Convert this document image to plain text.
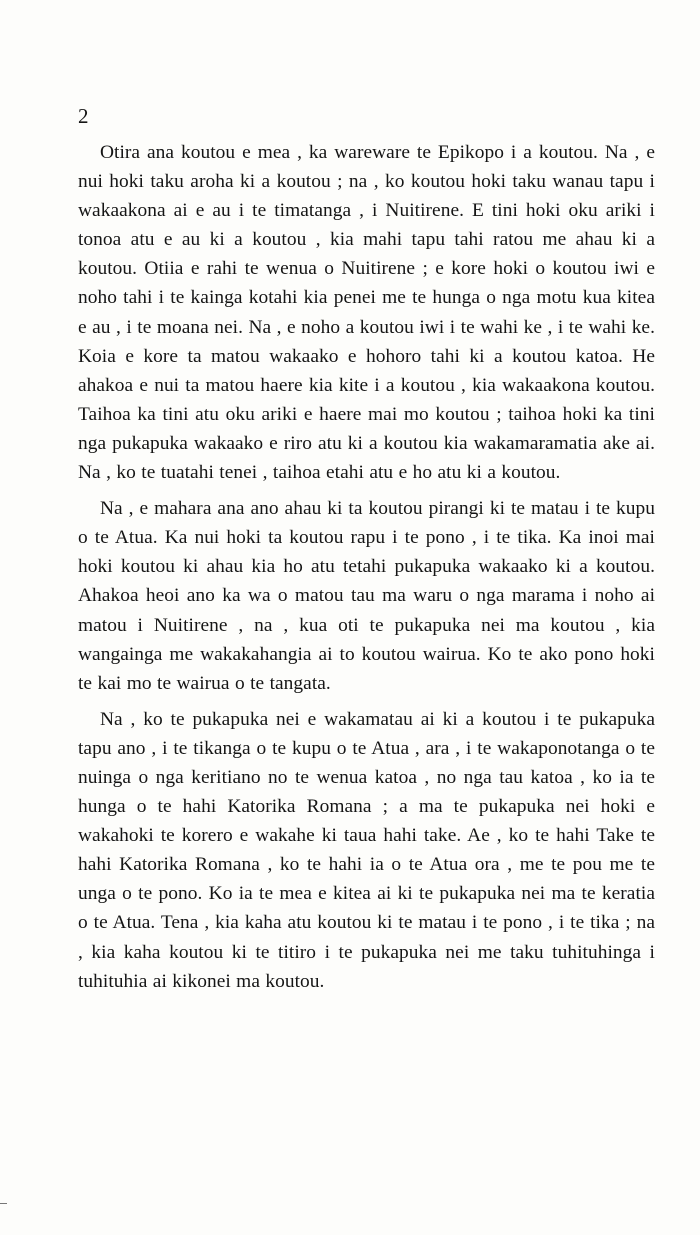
2

Otira ana koutou e mea , ka wareware te Epikopo i a koutou. Na , e nui hoki taku aroha ki a koutou ; na , ko koutou hoki taku wanau tapu i wakaakona ai e au i te timatanga , i Nuitirene. E tini hoki oku ariki i tonoa atu e au ki a koutou , kia mahi tapu tahi ratou me ahau ki a koutou. Otiia e rahi te wenua o Nuitirene ; e kore hoki o koutou iwi e noho tahi i te kainga kotahi kia penei me te hunga o nga motu kua kitea e au , i te moana nei. Na , e noho a koutou iwi i te wahi ke , i te wahi ke. Koia e kore ta matou wakaako e hohoro tahi ki a koutou katoa. He ahakoa e nui ta matou haere kia kite i a koutou , kia wakaakona koutou. Taihoa ka tini atu oku ariki e haere mai mo koutou ; taihoa hoki ka tini nga pukapuka wakaako e riro atu ki a koutou kia wakamaramatia ake ai. Na , ko te tuatahi tenei , taihoa etahi atu e ho atu ki a koutou.

Na , e mahara ana ano ahau ki ta koutou pirangi ki te matau i te kupu o te Atua. Ka nui hoki ta koutou rapu i te pono , i te tika. Ka inoi mai hoki koutou ki ahau kia ho atu tetahi pukapuka wakaako ki a koutou. Ahakoa heoi ano ka wa o matou tau ma waru o nga marama i noho ai matou i Nuitirene , na , kua oti te pukapuka nei ma koutou , kia wangainga me wakakahangia ai to koutou wairua. Ko te ako pono hoki te kai mo te wairua o te tangata.

Na , ko te pukapuka nei e wakamatau ai ki a koutou i te pukapuka tapu ano , i te tikanga o te kupu o te Atua , ara , i te wakaponotanga o te nuinga o nga keritiano no te wenua katoa , no nga tau katoa , ko ia te hunga o te hahi Katorika Romana ; a ma te pukapuka nei hoki e wakahoki te korero e wakahe ki taua hahi take. Ae , ko te hahi Take te hahi Katorika Romana , ko te hahi ia o te Atua ora , me te pou me te unga o te pono. Ko ia te mea e kitea ai ki te pukapuka nei ma te keratia o te Atua. Tena , kia kaha atu koutou ki te matau i te pono , i te tika ; na , kia kaha koutou ki te titiro i te pukapuka nei me taku tuhituhinga i tuhituhia ai kikonei ma koutou.
